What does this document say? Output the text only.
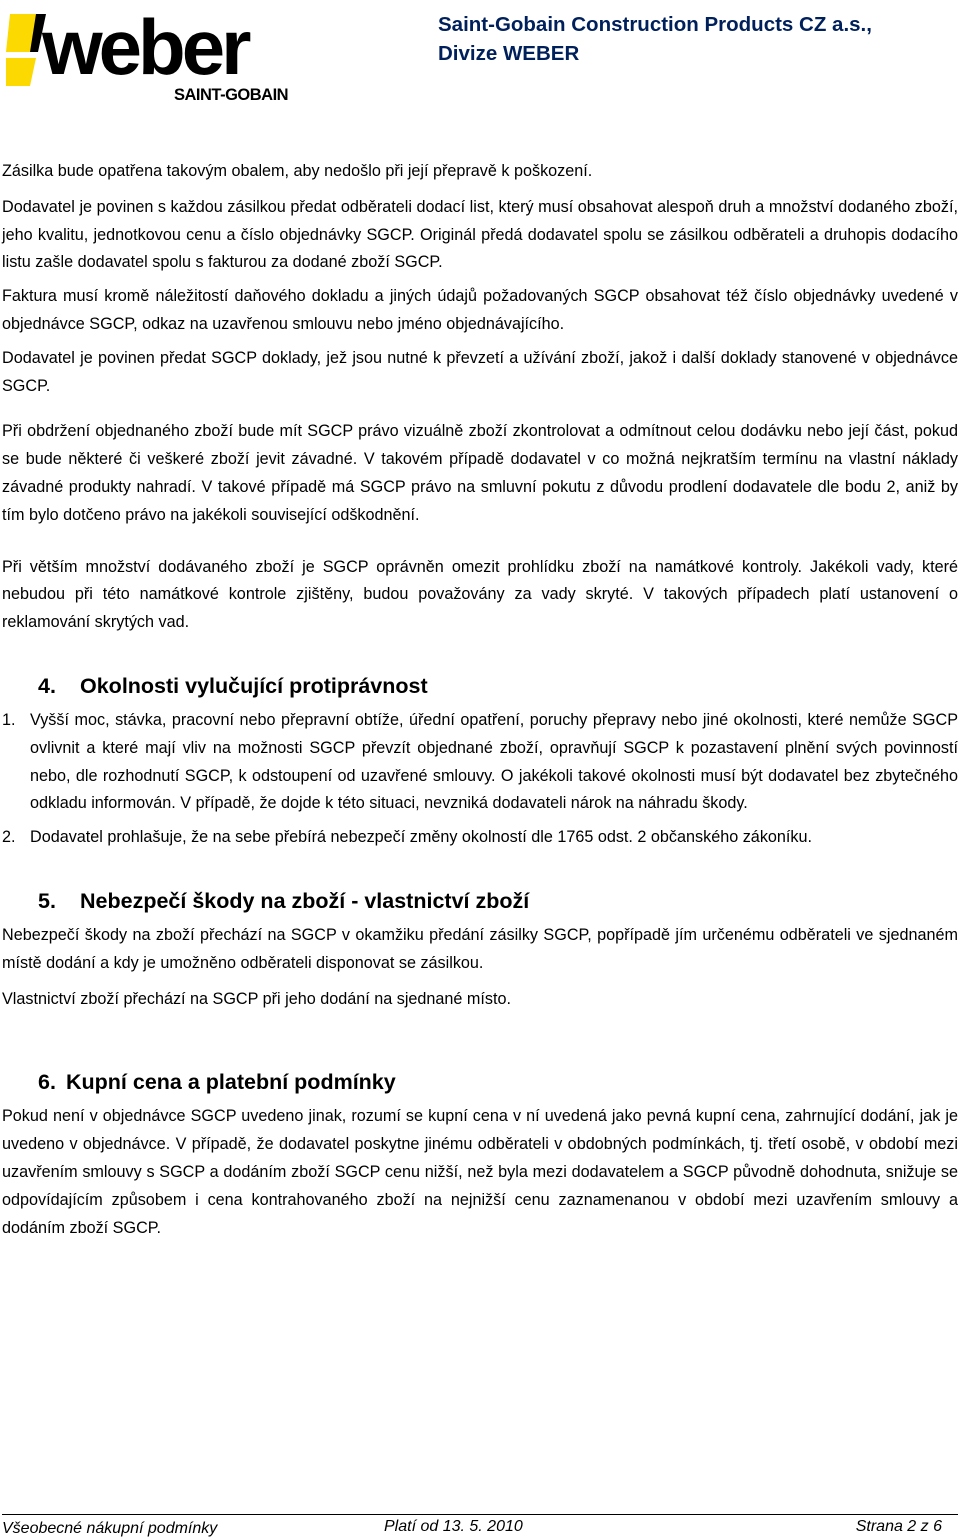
weber
SAINT-GOBAIN
Saint-Gobain Construction Products CZ a.s.,
Divize WEBER

Zásilka bude opatřena takovým obalem, aby nedošlo při její přepravě k poškození.

Dodavatel je povinen s každou zásilkou předat odběrateli dodací list, který musí obsahovat alespoň druh a množství dodaného zboží, jeho kvalitu, jednotkovou cenu a číslo objednávky SGCP. Originál předá dodavatel spolu se zásilkou odběrateli a druhopis dodacího listu zašle dodavatel spolu s fakturou za dodané zboží SGCP.

Faktura musí kromě náležitostí daňového dokladu a jiných údajů požadovaných SGCP obsahovat též číslo objednávky uvedené v objednávce SGCP, odkaz na uzavřenou smlouvu nebo jméno objednávajícího.

Dodavatel je povinen předat SGCP doklady, jež jsou nutné k převzetí a užívání zboží, jakož i další doklady stanovené v objednávce SGCP.

Při obdržení objednaného zboží bude mít SGCP právo vizuálně zboží zkontrolovat a odmítnout celou dodávku nebo její část, pokud se bude některé či veškeré zboží jevit závadné. V takovém případě dodavatel v co možná nejkratším termínu na vlastní náklady závadné produkty nahradí. V takové případě má SGCP právo na smluvní pokutu z důvodu prodlení dodavatele dle bodu 2, aniž by tím bylo dotčeno právo na jakékoli související odškodnění.

Při větším množství dodávaného zboží je SGCP oprávněn omezit prohlídku zboží na namátkové kontroly. Jakékoli vady, které nebudou při této namátkové kontrole zjištěny, budou považovány za vady skryté. V takových případech platí ustanovení o reklamování skrytých vad.

4. Okolnosti vylučující protiprávnost
1. Vyšší moc, stávka, pracovní nebo přepravní obtíže, úřední opatření, poruchy přepravy nebo jiné okolnosti, které nemůže SGCP ovlivnit a které mají vliv na možnosti SGCP převzít objednané zboží, opravňují SGCP k pozastavení plnění svých povinností nebo, dle rozhodnutí SGCP, k odstoupení od uzavřené smlouvy. O jakékoli takové okolnosti musí být dodavatel bez zbytečného odkladu informován. V případě, že dojde k této situaci, nevzniká dodavateli nárok na náhradu škody.
2. Dodavatel prohlašuje, že na sebe přebírá nebezpečí změny okolností dle 1765 odst. 2 občanského zákoníku.
5. Nebezpečí škody na zboží - vlastnictví zboží

Nebezpečí škody na zboží přechází na SGCP v okamžiku předání zásilky SGCP, popřípadě jím určenému odběrateli ve sjednaném místě dodání a kdy je umožněno odběrateli disponovat se zásilkou.

Vlastnictví zboží přechází na SGCP při jeho dodání na sjednané místo.

6. Kupní cena a platební podmínky

Pokud není v objednávce SGCP uvedeno jinak, rozumí se kupní cena v ní uvedená jako pevná kupní cena, zahrnující dodání, jak je uvedeno v objednávce. V případě, že dodavatel poskytne jinému odběrateli v obdobných podmínkách, tj. třetí osobě, v období mezi uzavřením smlouvy s SGCP a dodáním zboží SGCP cenu nižší, než byla mezi dodavatelem a SGCP původně dohodnuta, snižuje se odpovídajícím způsobem i cena kontrahovaného zboží na nejnižší cenu zaznamenanou v období mezi uzavřením smlouvy a dodáním zboží SGCP.

Všeobecné nákupní podmínky	Platí od 13. 5. 2010	Strana 2 z 6
